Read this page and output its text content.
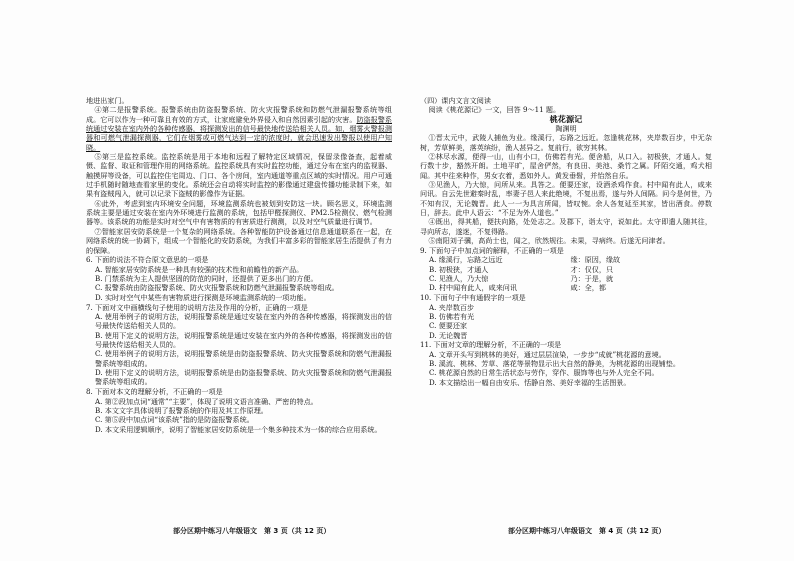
地进出家门。

④第二是报警系统。报警系统由防盗报警系统、防火灾报警系统和防燃气泄漏报警系统等组成。它可以作为一种可靠且有效的方式，让家庭避免外界侵入和自然因素引起的灾害。防盗报警系统通过安装在室内外的各种传感器，将探测发出的信号最快地传送给相关人员。如，烟雾火警报测器和可燃气泄漏探测器，它们在烟雾或可燃气达到一定的浓度时，就会迅速发出警报以使用户知晓。

⑤第三是监控系统。监控系统是用于本地和远程了解特定区域情况，保留录像备查，起着威慑、监督、取证和管理作用的网络系统。监控系统具有实时监控功能，通过分布在室内的监视器、触摸屏等设备，可以监控住宅周边、门口、各个房间，室内通道等重点区域的实时情况。用户可通过手机随时随地查看家里的变化。系统还会自动将实时监控的影像通过建盘传播功能录制下来，如果有盗贼闯入，就可以记录下盗贼的影像作为证据。

⑥此外，考虑到室内环境安全问题，环境监测系统也被划到安防这一块。顾名思义，环境监测系统主要是通过安装在室内外环境进行监测的系统，包括甲醛探测仪、PM2.5检测仪、燃气检测器等。该系统的功能是实时对空气中有害物质的有害质进行测测，以及对空气质量进行调节。

⑦智能家居安防系统是一个复杂的网络系统。各种智能防护设备通过信息通道联系在一起，在网络系统的统一协调下，组成一个智能化的安防系统，为我们丰富多彩的智能家居生活提供了有力的保障。

6. 下面的说法不符合原文意思的一项是

A. 智能家居安防系统是一种具有较强的技术性和前瞻性的新产品。

B. 门禁系统为主人提供坚固的防范的同时，还提供了更多出门的方便。

C. 报警系统由防盗报警系统、防火灾报警系统和防燃气泄漏报警系统等组成。

D. 实时对空气中某些有害物质进行探测是环境监测系统的一项功能。

7. 下面对文中画横线句子使用的说明方法及作用的分析，正确的一项是

A. 使用举例子的说明方法，说明报警系统是通过安装在室内外的各种传感器，将探测发出的信号最快传送给相关人员的。

B. 使用下定义的说明方法，说明报警系统是通过安装在室内外的各种传感器，将探测发出的信号最快传送给相关人员的。

C. 使用举例子的说明方法，说明报警系统是由防盗报警系统、防火灾报警系统和防燃气泄漏报警系统等组成的。

D. 使用下定义的说明方法，说明报警系统是由防盗报警系统、防火灾报警系统和防燃气泄漏报警系统等组成的。

8. 下面对本文的理解分析，不正确的一项是

A. 第②段加点词“通常”“主要”，体现了说明文语言准确、严密的特点。

B. 本文文字具体说明了报警系统的作用及其工作原理。

C. 第⑤段中加点词“该系统”指的是防盗报警系统。

D. 本文采用逻辑顺序，说明了智能家居安防系统是一个集多种技术为一体的综合应用系统。

（四）课内文言文阅读

阅读《桃花源记》一文，回答 9～11 题。

桃花源记

陶渊明

①晋太元中，武陵人捕鱼为业。缘溪行，忘路之远近。忽逢桃花林，夹岸数百步，中无杂树，芳草鲜美，落英缤纷，渔人甚异之。复前行，欲穷其林。

②林尽水源，便得一山，山有小口，仿佛若有光。便舍船，从口入。初极狭，才通人。复行数十步，豁然开朗。土地平旷，屋舍俨然，有良田、美池、桑竹之属。阡陌交通，鸡犬相闻。其中往来种作，男女衣着，悉如外人。黄发垂髫，并怡然自乐。

③见渔人，乃大惊，问所从来。具答之。便要还家，设酒杀鸡作食。村中闻有此人，咸来问讯。自云先世避秦时乱，率妻子邑人来此绝境，不复出焉，遂与外人间隔。问今是何世，乃不知有汉，无论魏晋。此人一一为具言所闻，皆叹惋。余人各复延至其家，皆出酒食。停数日，辞去。此中人语云：“不足为外人道也。”

④既出，得其船，便扶向路，处处志之。及郡下，诣太守，说如此。太守即遣人随其往，寻向所志，遂迷，不复得路。

⑤南阳刘子骥，高尚士也，闻之，欣然规往。未果，寻病终。后遂无问津者。

9. 下面句子中加点词的解释，不正确的一项是

A. 缘溪行，忘路之远近	缘：原因，缘故
B. 初极狭，才通人	才：仅仅，只
C. 见渔人，乃大惊	乃：于是，就
D. 村中闻有此人，咸来问讯	咸：全，都

10. 下面句子中有通假字的一项是

A. 夹岸数百步

B. 仿佛若有光

C. 便要还家

D. 无论魏晋

11. 下面对文章的理解分析，不正确的一项是

A. 文章开头写到桃林的美好，通过层层渲染，一步步“成就”桃花源的意境。

B. 溪流、桃林、芳草、落花等景物显示出大自然的静美，为桃花源的出现铺垫。

C. 桃花源自然的日常生活状态与劳作，穿作、服饰等也与外人完全不同。

D. 本文描绘出一幅自由安乐、恬静自然、美好幸福的生活图景。

部分区期中练习八年级语文　第 3 页（共 12 页）	部分区期中练习八年级语文　第 4 页（共 12 页）
